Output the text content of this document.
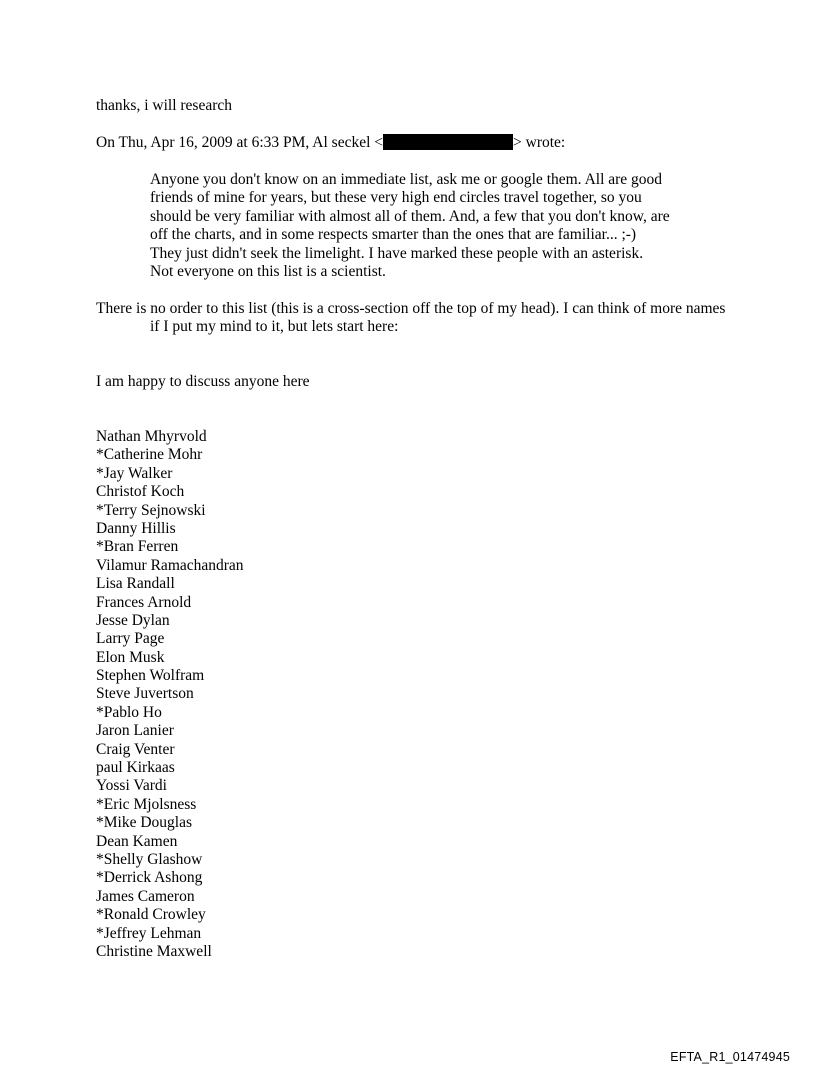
thanks, i will research
On Thu, Apr 16, 2009 at 6:33 PM, Al seckel <	> wrote:
Anyone you don't know on an immediate list, ask me or google them. All are good friends of mine for years, but these very high end circles travel together, so you should be very familiar with almost all of them. And, a few that you don't know, are off the charts, and in some respects smarter than the ones that are familiar... ;-) They just didn't seek the limelight. I have marked these people with an asterisk. Not everyone on this list is a scientist.
There is no order to this list (this is a cross-section off the top of my head). I can think of more names if I put my mind to it, but lets start here:
I am happy to discuss anyone here
Nathan Mhyrvold
*Catherine Mohr
*Jay Walker
Christof Koch
*Terry Sejnowski
Danny Hillis
*Bran Ferren
Vilamur Ramachandran
Lisa Randall
Frances Arnold
Jesse Dylan
Larry Page
Elon Musk
Stephen Wolfram
Steve Juvertson
*Pablo Ho
Jaron Lanier
Craig Venter
paul Kirkaas
Yossi Vardi
*Eric Mjolsness
*Mike Douglas
Dean Kamen
*Shelly Glashow
*Derrick Ashong
James Cameron
*Ronald Crowley
*Jeffrey Lehman
Christine Maxwell
EFTA_R1_01474945
